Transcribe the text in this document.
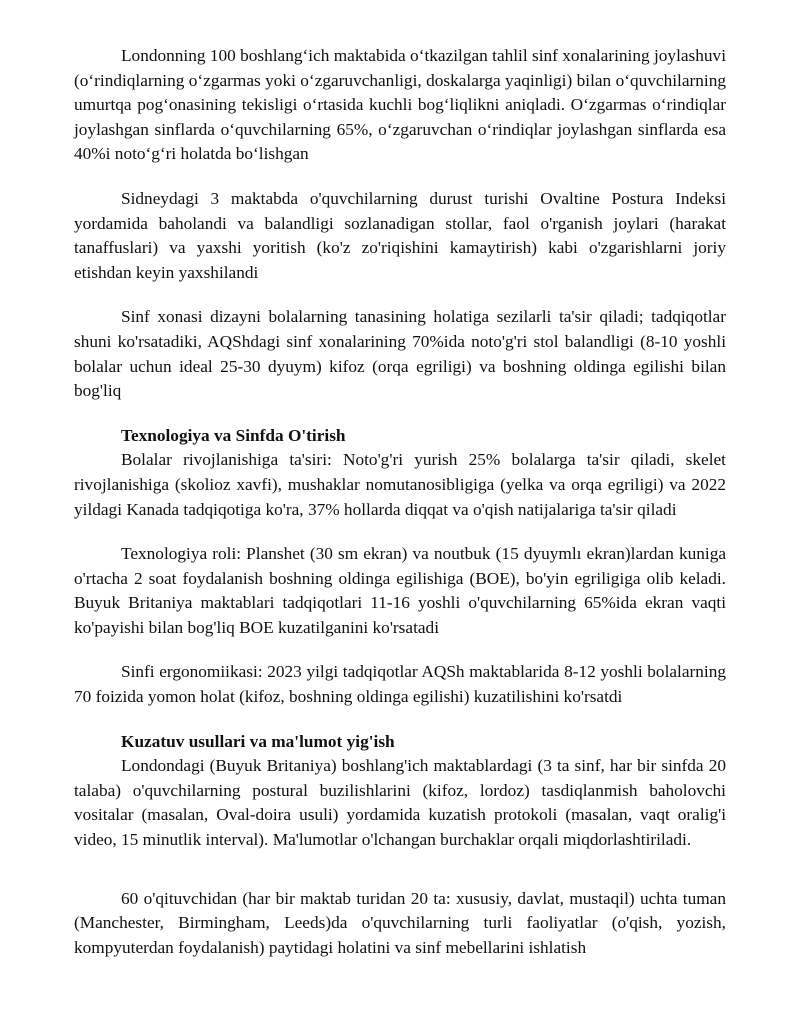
Londonning 100 boshlang‘ich maktabida o‘tkazilgan tahlil sinf xonalarining joylashuvi (o‘rindiqlarning o‘zgarmas yoki o‘zgaruvchanligi, doskalarga yaqinligi) bilan o‘quvchilarning umurtqa pog‘onasining tekisligi o‘rtasida kuchli bog‘liqlikni aniqladi. O‘zgarmas o‘rindiqlar joylashgan sinflarda o‘quvchilarning 65%, o‘zgaruvchan o‘rindiqlar joylashgan sinflarda esa 40%i noto‘g‘ri holatda bo‘lishgan

Sidneydagi 3 maktabda o'quvchilarning durust turishi Ovaltine Postura Indeksi yordamida baholandi va balandligi sozlanadigan stollar, faol o'rganish joylari (harakat tanaffuslari) va yaxshi yoritish (ko'z zo'riqishini kamaytirish) kabi o'zgarishlarni joriy etishdan keyin yaxshilandi

Sinf xonasi dizayni bolalarning tanasining holatiga sezilarli ta'sir qiladi; tadqiqotlar shuni ko'rsatadiki, AQShdagi sinf xonalarining 70%ida noto'g'ri stol balandligi (8-10 yoshli bolalar uchun ideal 25-30 dyuym) kifoz (orqa egriligi) va boshning oldinga egilishi bilan bog'liq

Texnologiya va Sinfda O'tirish

Bolalar rivojlanishiga ta'siri: Noto'g'ri yurish 25% bolalarga ta'sir qiladi, skelet rivojlanishiga (skolioz xavfi), mushaklar nomutanosibligiga (yelka va orqa egriligi) va 2022 yildagi Kanada tadqiqotiga ko'ra, 37% hollarda diqqat va o'qish natijalariga ta'sir qiladi

Texnologiya roli: Planshet (30 sm ekran) va noutbuk (15 dyuymlı ekran)lardan kuniga o'rtacha 2 soat foydalanish boshning oldinga egilishiga (BOE), bo'yin egriligiga olib keladi. Buyuk Britaniya maktablari tadqiqotlari 11-16 yoshli o'quvchilarning 65%ida ekran vaqti ko'payishi bilan bog'liq BOE kuzatilganini ko'rsatadi

Sinfi ergonomiikasi: 2023 yilgi tadqiqotlar AQSh maktablarida 8-12 yoshli bolalarning 70 foizida yomon holat (kifoz, boshning oldinga egilishi) kuzatilishini ko'rsatdi

Kuzatuv usullari va ma'lumot yig'ish

Londondagi (Buyuk Britaniya) boshlang'ich maktablardagi (3 ta sinf, har bir sinfda 20 talaba) o'quvchilarning postural buzilishlarini (kifoz, lordoz) tasdiqlanmish baholovchi vositalar (masalan, Oval-doira usuli) yordamida kuzatish protokoli (masalan, vaqt oralig'i video, 15 minutlik interval). Ma'lumotlar o'lchangan burchaklar orqali miqdorlashtiriladi.

60 o'qituvchidan (har bir maktab turidan 20 ta: xususiy, davlat, mustaqil) uchta tuman (Manchester, Birmingham, Leeds)da o'quvchilarning turli faoliyatlar (o'qish, yozish, kompyuterdan foydalanish) paytidagi holatini va sinf mebellarini ishlatish
